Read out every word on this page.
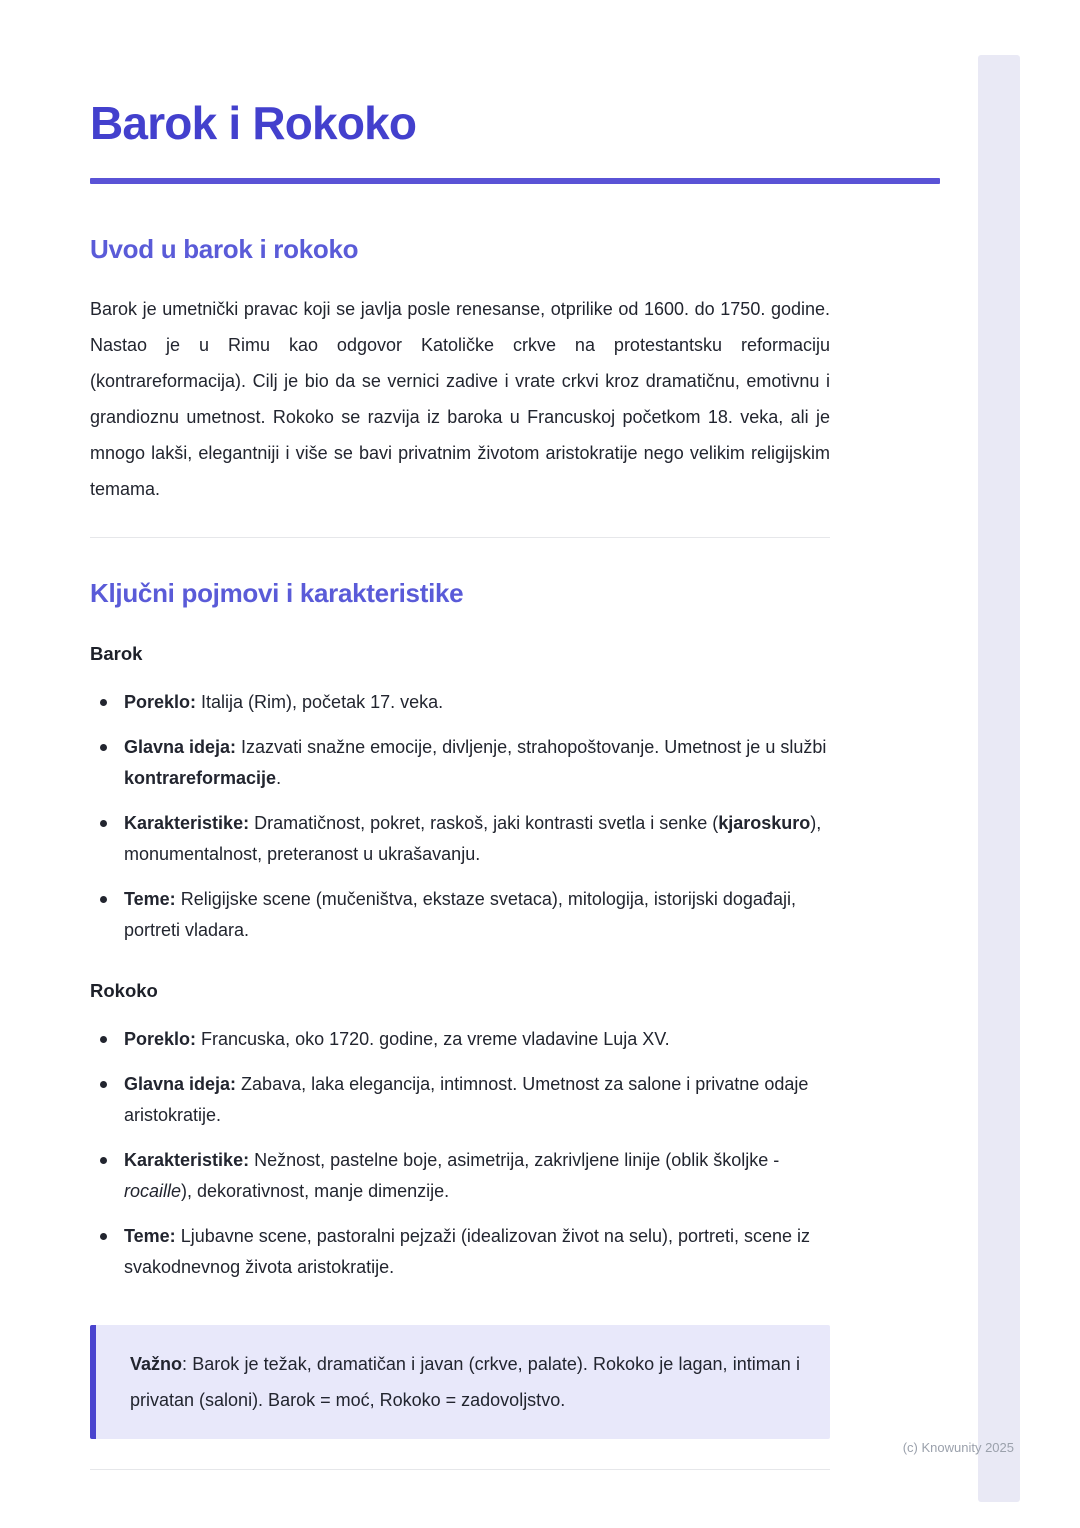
Barok i Rokoko
Uvod u barok i rokoko

Barok je umetnički pravac koji se javlja posle renesanse, otprilike od 1600. do 1750. godine. Nastao je u Rimu kao odgovor Katoličke crkve na protestantsku reformaciju (kontrareformacija). Cilj je bio da se vernici zadive i vrate crkvi kroz dramatičnu, emotivnu i grandioznu umetnost. Rokoko se razvija iz baroka u Francuskoj početkom 18. veka, ali je mnogo lakši, elegantniji i više se bavi privatnim životom aristokratije nego velikim religijskim temama.

Ključni pojmovi i karakteristike
Barok
Poreklo: Italija (Rim), početak 17. veka.
Glavna ideja: Izazvati snažne emocije, divljenje, strahopoštovanje. Umetnost je u službi kontrareformacije.
Karakteristike: Dramatičnost, pokret, raskoš, jaki kontrasti svetla i senke (kjaroskuro), monumentalnost, preteranost u ukrašavanju.
Teme: Religijske scene (mučeništva, ekstaze svetaca), mitologija, istorijski događaji, portreti vladara.
Rokoko
Poreklo: Francuska, oko 1720. godine, za vreme vladavine Luja XV.
Glavna ideja: Zabava, laka elegancija, intimnost. Umetnost za salone i privatne odaje aristokratije.
Karakteristike: Nežnost, pastelne boje, asimetrija, zakrivljene linije (oblik školjke - rocaille), dekorativnost, manje dimenzije.
Teme: Ljubavne scene, pastoralni pejzaži (idealizovan život na selu), portreti, scene iz svakodnevnog života aristokratije.

Važno: Barok je težak, dramatičan i javan (crkve, palate). Rokoko je lagan, intiman i privatan (saloni). Barok = moć, Rokoko = zadovoljstvo.

(c) Knowunity 2025
